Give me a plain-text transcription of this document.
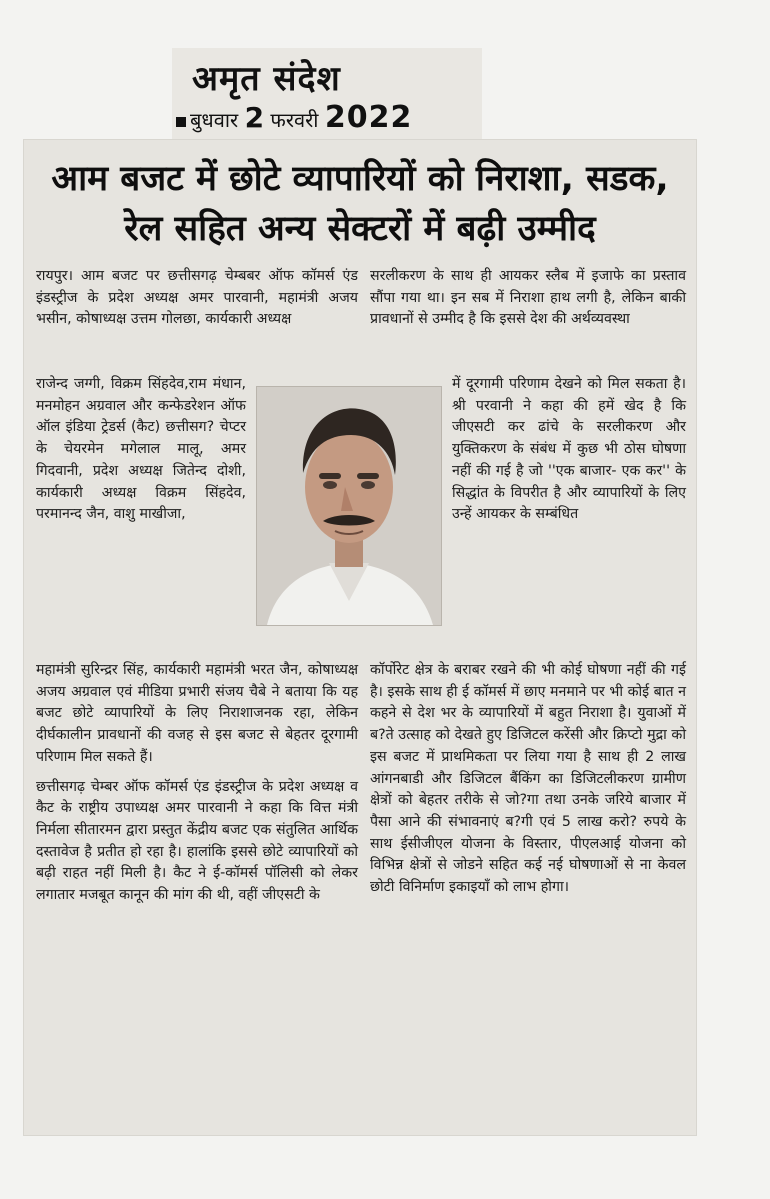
अमृत संदेश
बुधवार 2 फरवरी 2022
आम बजट में छोटे व्यापारियों को निराशा, सडक,
रेल सहित अन्य सेक्टरों में बढ़ी उम्मीद

रायपुर। आम बजट पर छत्तीसगढ़ चेम्बबर ऑफ कॉमर्स एंड इंडस्ट्रीज के प्रदेश अध्यक्ष अमर पारवानी, महामंत्री अजय भसीन, कोषाध्यक्ष उत्तम गोलछा, कार्यकारी अध्यक्ष

राजेन्द जग्गी, विक्रम सिंहदेव,राम मंधान, मनमोहन अग्रवाल और कन्फेडरेशन ऑफ ऑल इंडिया ट्रेडर्स (कैट) छत्तीसग? चेप्टर के चेयरमेन मगेलाल मालू, अमर गिदवानी, प्रदेश अध्यक्ष जितेन्द दोशी, कार्यकारी अध्यक्ष विक्रम सिंहदेव, परमानन्द जैन, वाशु माखीजा,

में दूरगामी परिणाम देखने को मिल सकता है। श्री परवानी ने कहा की हमें खेद है कि जीएसटी कर ढांचे के सरलीकरण और युक्तिकरण के संबंध में कुछ भी ठोस घोषणा नहीं की गई है जो ''एक बाजार- एक कर'' के सिद्धांत के विपरीत है और व्यापारियों के लिए उन्हें आयकर के सम्बंधित

सरलीकरण के साथ ही आयकर स्लैब में इजाफे का प्रस्ताव सौंपा गया था। इन सब में निराशा हाथ लगी है, लेकिन बाकी प्रावधानों से उम्मीद है कि इससे देश की अर्थव्यवस्था

महामंत्री सुरिन्द्रर सिंह, कार्यकारी महामंत्री भरत जैन, कोषाध्यक्ष अजय अग्रवाल एवं मीडिया प्रभारी संजय चैबे ने बताया कि यह बजट छोटे व्यापारियों के लिए निराशाजनक रहा, लेकिन दीर्घकालीन प्रावधानों की वजह से इस बजट से बेहतर दूरगामी परिणाम मिल सकते हैं।

छत्तीसगढ़ चेम्बर ऑफ कॉमर्स एंड इंडस्ट्रीज के प्रदेश अध्यक्ष व कैट के राष्ट्रीय उपाध्यक्ष अमर पारवानी ने कहा कि वित्त मंत्री निर्मला सीतारमन द्वारा प्रस्तुत केंद्रीय बजट एक संतुलित आर्थिक दस्तावेज है प्रतीत हो रहा है। हालांकि इससे छोटे व्यापारियों को बढ़ी राहत नहीं मिली है। कैट ने ई-कॉमर्स पॉलिसी को लेकर लगातार मजबूत कानून की मांग की थी, वहीं जीएसटी के

कॉर्पोरेट क्षेत्र के बराबर रखने की भी कोई घोषणा नहीं की गई है। इसके साथ ही ई कॉमर्स में छाए मनमाने पर भी कोई बात न कहने से देश भर के व्यापारियों में बहुत निराशा है। युवाओं में ब?ते उत्साह को देखते हुए डिजिटल करेंसी और क्रिप्टो मुद्रा को इस बजट में प्राथमिकता पर लिया गया है साथ ही 2 लाख आंगनबाडी और डिजिटल बैंकिंग का डिजिटलीकरण ग्रामीण क्षेत्रों को बेहतर तरीके से जो?गा तथा उनके जरिये बाजार में पैसा आने की संभावनाएं ब?गी एवं 5 लाख करो? रुपये के साथ ईसीजीएल योजना के विस्तार, पीएलआई योजना को विभिन्न क्षेत्रों से जोडने सहित कई नई घोषणाओं से ना केवल छोटी विनिर्माण इकाइयाँ को लाभ होगा।
